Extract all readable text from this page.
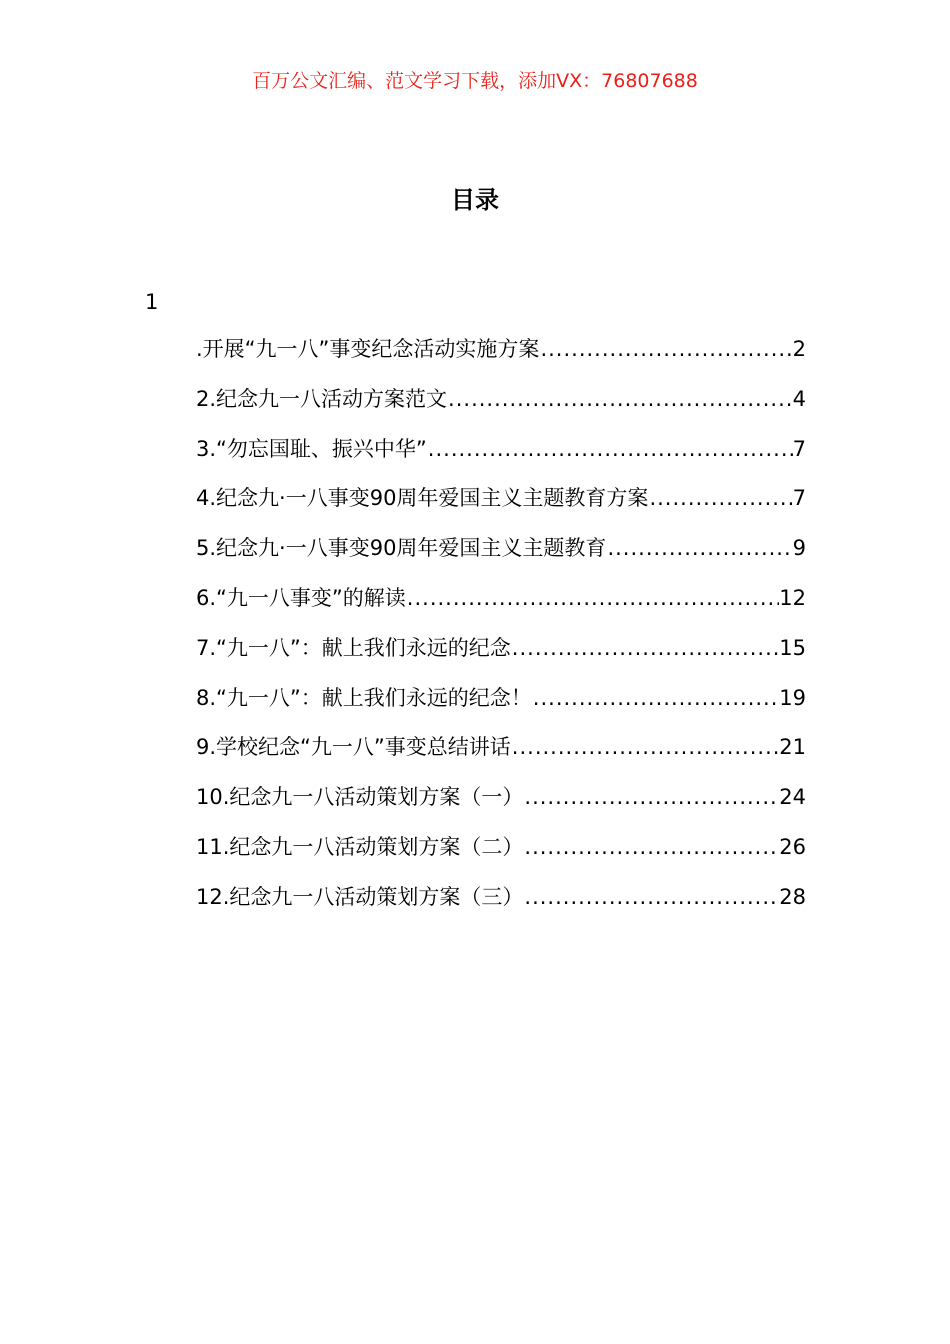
百万公文汇编、范文学习下载，添加VX：76807688
目录
1
.开展“九一八”事变纪念活动实施方案 .....	2
2.纪念九一八活动方案范文 .....	4
3.“勿忘国耻、振兴中华” .....	7
4.纪念九·一八事变90周年爱国主义主题教育方案 .....	7
5.纪念九·一八事变90周年爱国主义主题教育 .....	9
6.“九一八事变”的解读 .....	12
7.“九一八”：献上我们永远的纪念 .....	15
8.“九一八”：献上我们永远的纪念！ .....	19
9.学校纪念“九一八”事变总结讲话 .....	21
10.纪念九一八活动策划方案（一） .....	24
11.纪念九一八活动策划方案（二） .....	26
12.纪念九一八活动策划方案（三） .....	28
